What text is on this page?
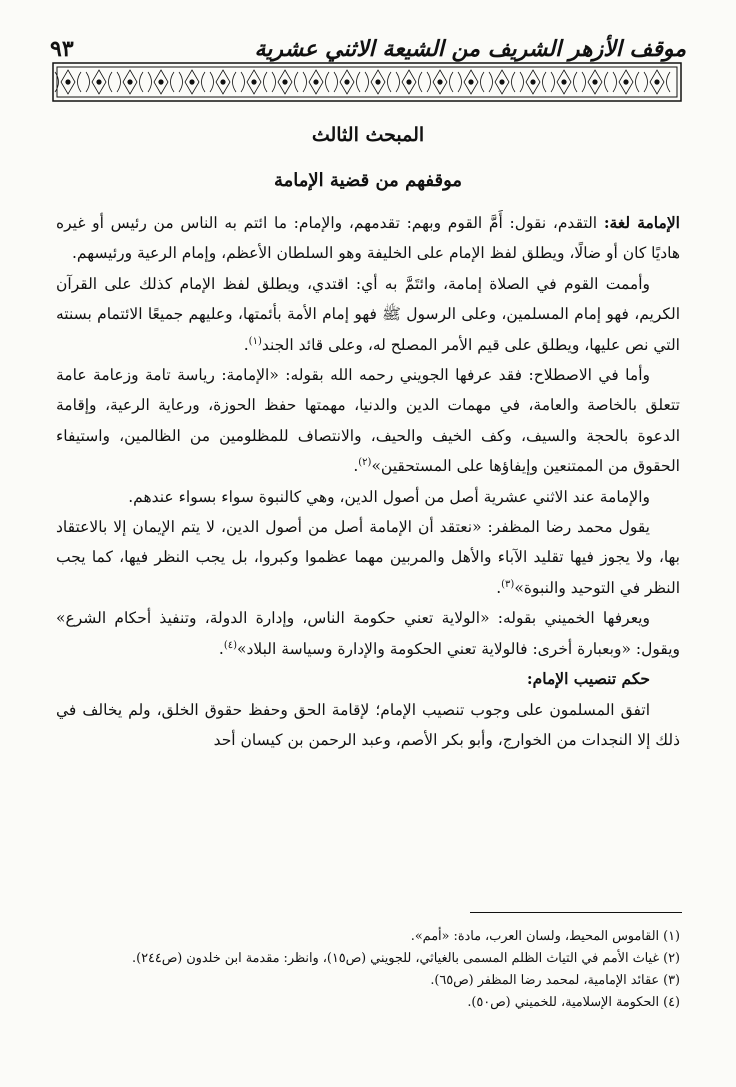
موقف الأزهر الشريف من الشيعة الاثني عشرية
٩٣
المبحث الثالث
موقفهم من قضية الإمامة

الإمامة لغة: التقدم، نقول: أَمَّ القوم وبهم: تقدمهم، والإمام: ما ائتم به الناس من رئيس أو غيره هاديًا كان أو ضالًا، ويطلق لفظ الإمام على الخليفة وهو السلطان الأعظم، وإمام الرعية ورئيسهم.

وأممت القوم في الصلاة إمامة، وائتَمَّ به أي: اقتدي، ويطلق لفظ الإمام كذلك على القرآن الكريم، فهو إمام المسلمين، وعلى الرسول ﷺ فهو إمام الأمة بأئمتها، وعليهم جميعًا الائتمام بسنته التي نص عليها، ويطلق على قيم الأمر المصلح له، وعلى قائد الجند$^{(١)}$.

وأما في الاصطلاح: فقد عرفها الجويني رحمه الله بقوله: «الإمامة: رياسة تامة وزعامة عامة تتعلق بالخاصة والعامة، في مهمات الدين والدنيا، مهمتها حفظ الحوزة، ورعاية الرعية، وإقامة الدعوة بالحجة والسيف، وكف الخيف والحيف، والانتصاف للمظلومين من الظالمين، واستيفاء الحقوق من الممتنعين وإيفاؤها على المستحقين»$^{(٢)}$.

والإمامة عند الاثني عشرية أصل من أصول الدين، وهي كالنبوة سواء بسواء عندهم.

يقول محمد رضا المظفر: «نعتقد أن الإمامة أصل من أصول الدين، لا يتم الإيمان إلا بالاعتقاد بها، ولا يجوز فيها تقليد الآباء والأهل والمربين مهما عظموا وكبروا، بل يجب النظر فيها، كما يجب النظر في التوحيد والنبوة»$^{(٣)}$.

ويعرفها الخميني بقوله: «الولاية تعني حكومة الناس، وإدارة الدولة، وتنفيذ أحكام الشرع» ويقول: «وبعبارة أخرى: فالولاية تعني الحكومة والإدارة وسياسة البلاد»$^{(٤)}$.

حكم تنصيب الإمام:

اتفق المسلمون على وجوب تنصيب الإمام؛ لإقامة الحق وحفظ حقوق الخلق، ولم يخالف في ذلك إلا النجدات من الخوارج، وأبو بكر الأصم، وعبد الرحمن بن كيسان أحد

(١) القاموس المحيط، ولسان العرب، مادة: «أمم».

(٢) غياث الأمم في التياث الظلم المسمى بالغياثي، للجويني (ص١٥)، وانظر: مقدمة ابن خلدون (ص٢٤٤).

(٣) عقائد الإمامية، لمحمد رضا المظفر (ص٦٥).

(٤) الحكومة الإسلامية، للخميني (ص٥٠).
